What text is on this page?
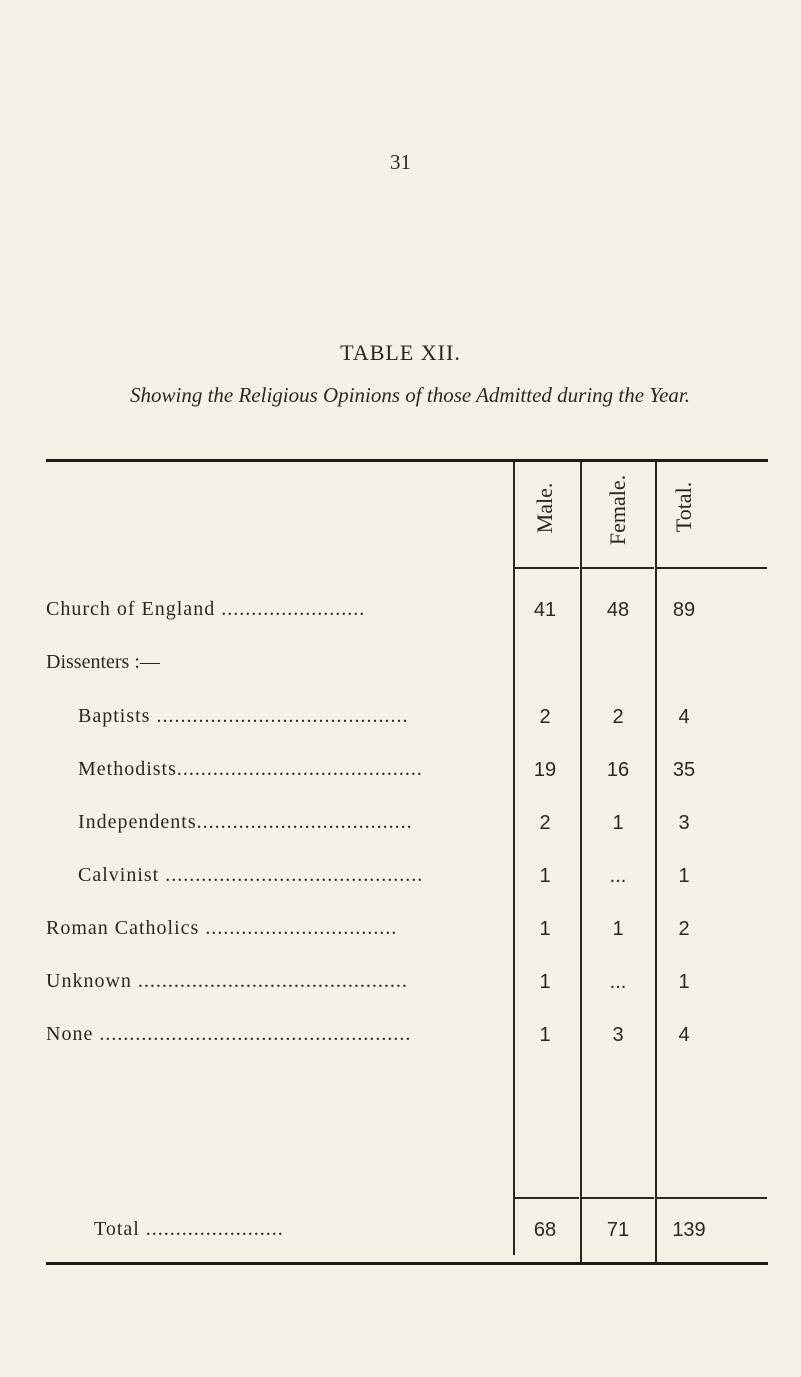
31
TABLE XII.
Showing the Religious Opinions of those Admitted during the Year.
Male. Female. Total.
Church of England ........................	41	48	89
Dissenters :—
Baptists ..........................................	2	2	4
Methodists.........................................	19	16	35
Independents....................................	2	1	3
Calvinist ...........................................	1	...	1
Roman Catholics ................................	1	1	2
Unknown .............................................	1	...	1
None ....................................................	1	3	4
Total .......................	68	71	139
